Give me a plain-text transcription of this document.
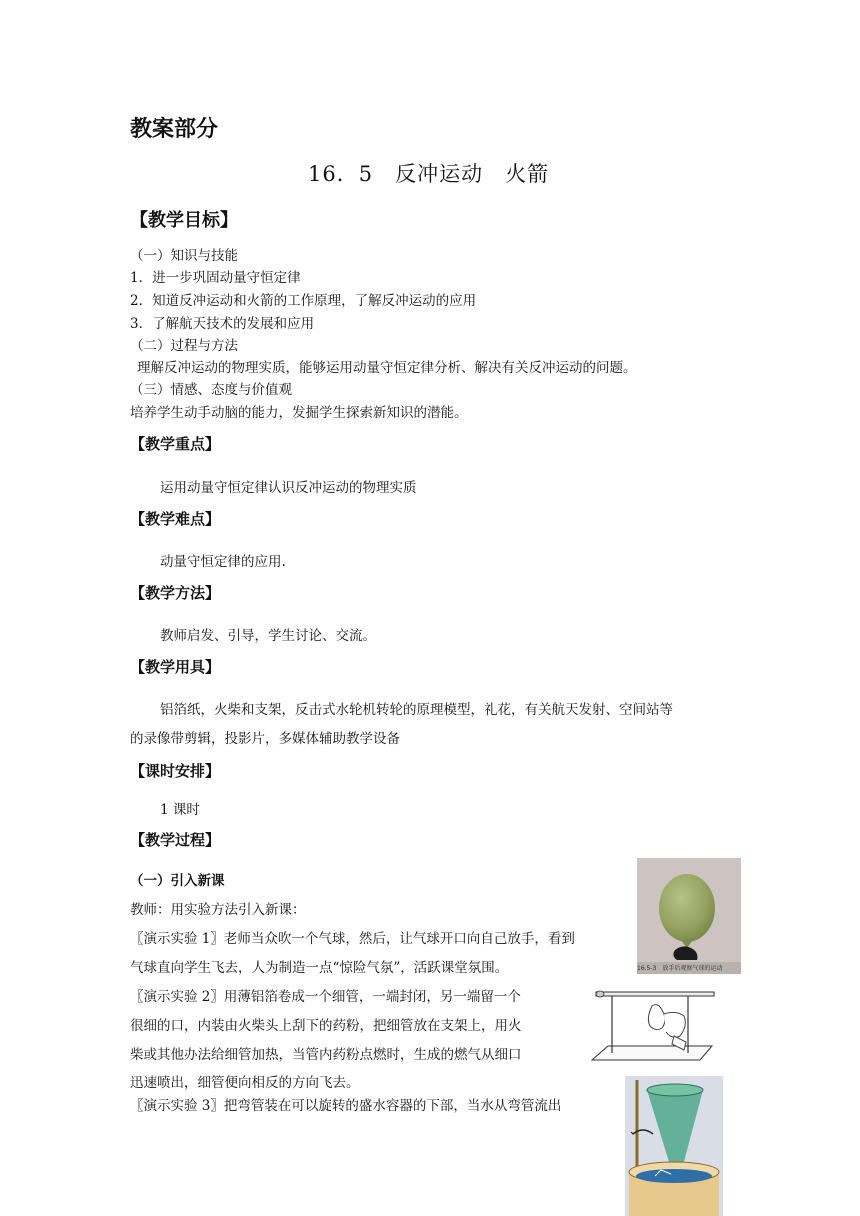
教案部分
16．5　反冲运动　火箭
【教学目标】
（一）知识与技能
1．进一步巩固动量守恒定律
2．知道反冲运动和火箭的工作原理，了解反冲运动的应用
3．了解航天技术的发展和应用
（二）过程与方法
理解反冲运动的物理实质，能够运用动量守恒定律分析、解决有关反冲运动的问题。
（三）情感、态度与价值观
培养学生动手动脑的能力，发掘学生探索新知识的潜能。
【教学重点】
运用动量守恒定律认识反冲运动的物理实质
【教学难点】
动量守恒定律的应用.
【教学方法】
教师启发、引导，学生讨论、交流。
【教学用具】
铝箔纸，火柴和支架，反击式水轮机转轮的原理模型，礼花，有关航天发射、空间站等
的录像带剪辑，投影片，多媒体辅助教学设备
【课时安排】
1 课时
【教学过程】
（一）引入新课
教师：用实验方法引入新课：
〖演示实验 1〗老师当众吹一个气球，然后，让气球开口向自己放手，看到
气球直向学生飞去，人为制造一点“惊险气氛”，活跃课堂氛围。
〖演示实验 2〗用薄铝箔卷成一个细管，一端封闭，另一端留一个
很细的口，内装由火柴头上刮下的药粉，把细管放在支架上，用火
柴或其他办法给细管加热，当管内药粉点燃时，生成的燃气从细口
迅速喷出，细管便向相反的方向飞去。
〖演示实验 3〗把弯管装在可以旋转的盛水容器的下部，当水从弯管流出
16.5-3　放手后观察气球的运动
